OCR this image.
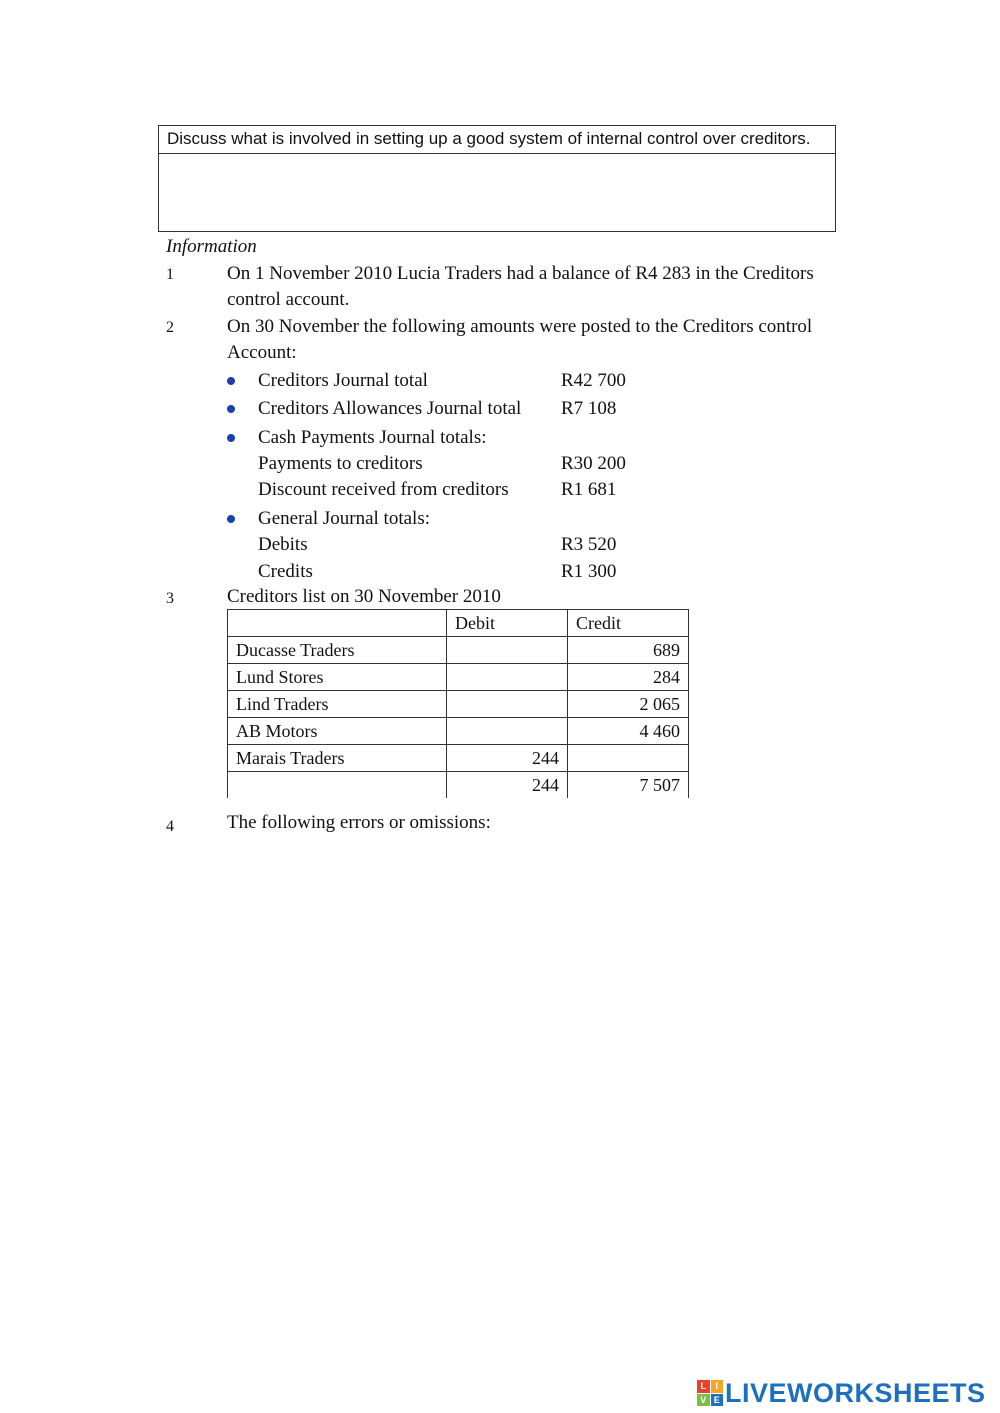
Discuss what is involved in setting up a good system of internal control over creditors.
Information
1	On 1 November 2010 Lucia Traders had a balance of R4 283 in the Creditors
control account.
2	On 30 November the following amounts were posted to the Creditors control
Account:
Creditors Journal total	R42 700
Creditors Allowances Journal total R7 108
Cash Payments Journal totals:
Payments to creditors	R30 200
Discount received from creditors	R1 681
General Journal totals:
Debits	R3 520
Credits	R1 300
3	Creditors list on 30 November 2010
	Debit	Credit
Ducasse Traders		689
Lund Stores		284
Lind Traders		2 065
AB Motors		4 460
Marais Traders	244	
	244	7 507
4	The following errors or omissions:
L	I
V E LIVEWORKSHEETS
